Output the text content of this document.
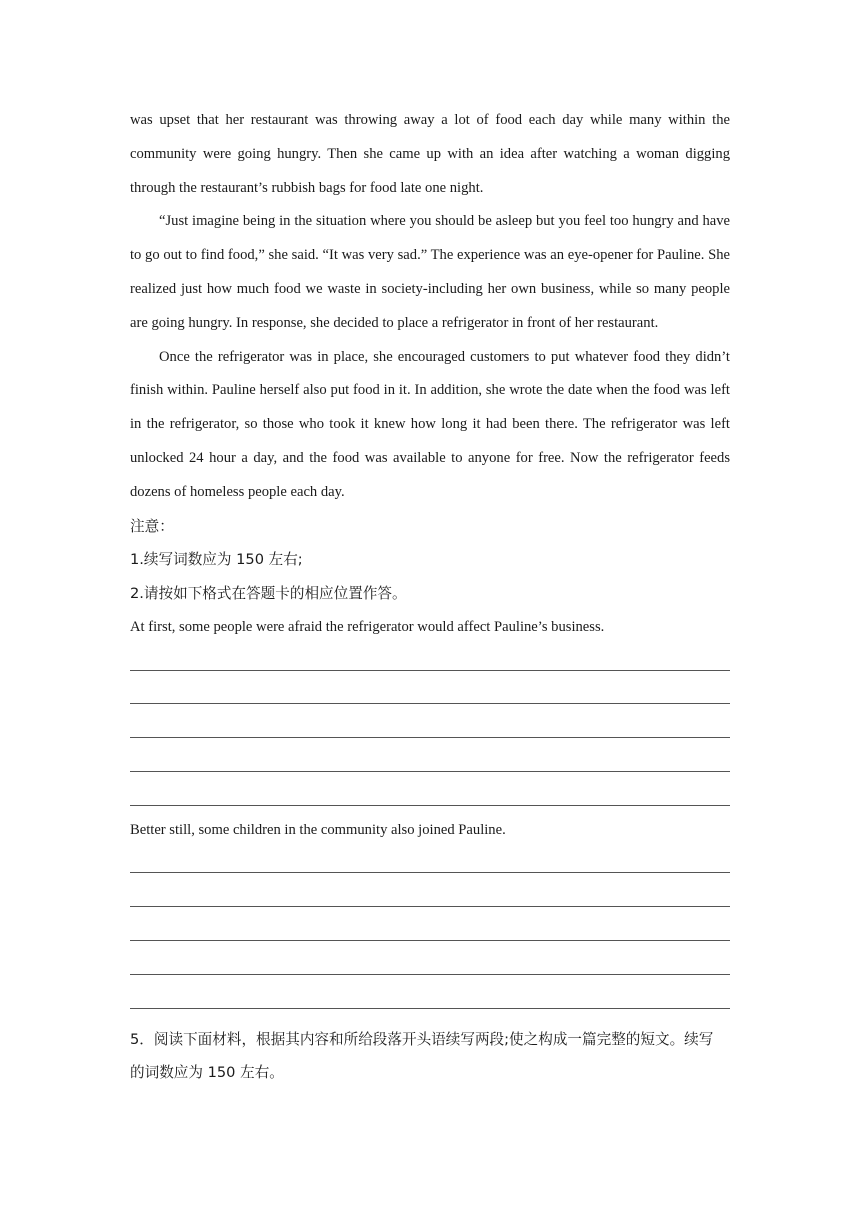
was upset that her restaurant was throwing away a lot of food each day while many within the community were going hungry. Then she came up with an idea after watching a woman digging through the restaurant’s rubbish bags for food late one night.

“Just imagine being in the situation where you should be asleep but you feel too hungry and have to go out to find food,” she said. “It was very sad.” The experience was an eye-opener for Pauline. She realized just how much food we waste in society-including her own business, while so many people are going hungry. In response, she decided to place a refrigerator in front of her restaurant.

Once the refrigerator was in place, she encouraged customers to put whatever food they didn’t finish within. Pauline herself also put food in it. In addition, she wrote the date when the food was left in the refrigerator, so those who took it knew how long it had been there. The refrigerator was left unlocked 24 hour a day, and the food was available to anyone for free. Now the refrigerator feeds dozens of homeless people each day.

注意：

1.续写词数应为 150 左右;

2.请按如下格式在答题卡的相应位置作答。

At first, some people were afraid the refrigerator would affect Pauline’s business.

Better still, some children in the community also joined Pauline.

5．阅读下面材料，根据其内容和所给段落开头语续写两段;使之构成一篇完整的短文。续写

的词数应为 150 左右。
